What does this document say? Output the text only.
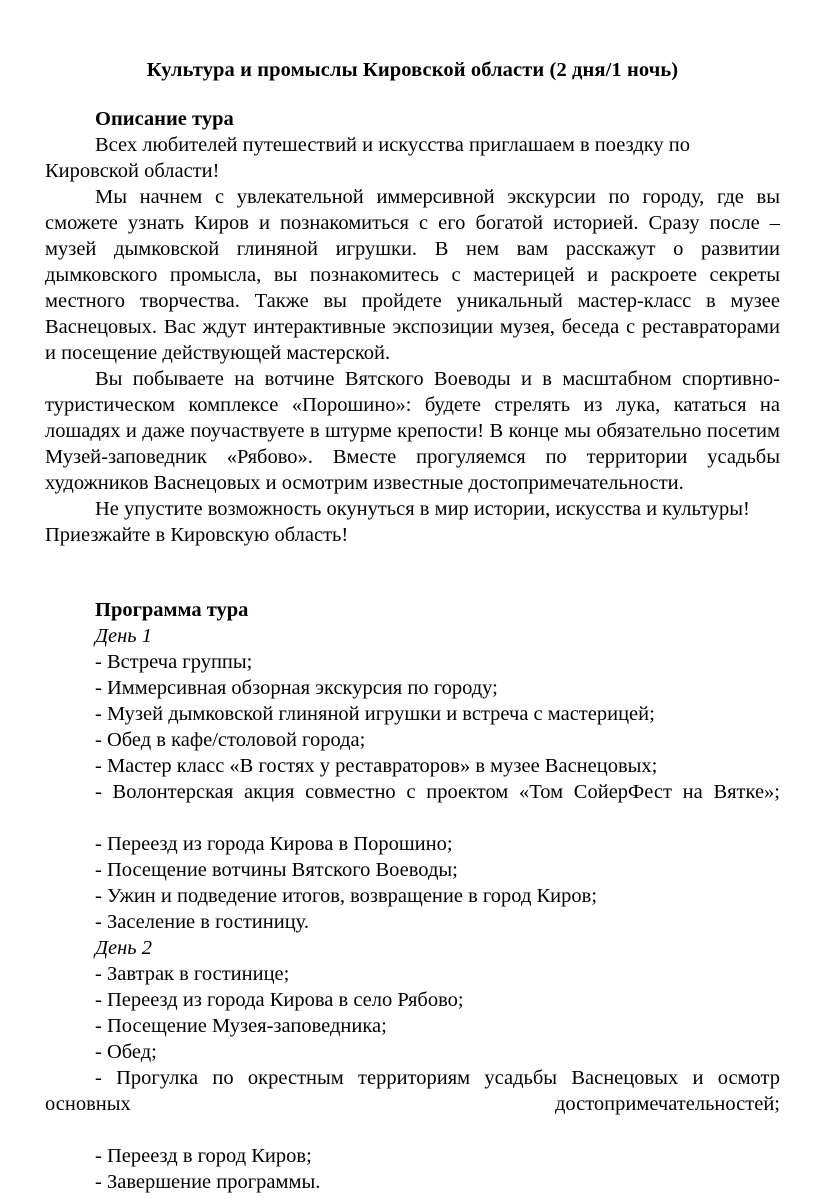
Культура и промыслы Кировской области (2 дня/1 ночь)
Описание тура

Всех любителей путешествий и искусства приглашаем в поездку по Кировской области!

Мы начнем с увлекательной иммерсивной экскурсии по городу, где вы сможете узнать Киров и познакомиться с его богатой историей. Сразу после – музей дымковской глиняной игрушки. В нем вам расскажут о развитии дымковского промысла, вы познакомитесь с мастерицей и раскроете секреты местного творчества. Также вы пройдете уникальный мастер-класс в музее Васнецовых. Вас ждут интерактивные экспозиции музея, беседа с реставраторами и посещение действующей мастерской.

Вы побываете на вотчине Вятского Воеводы и в масштабном спортивно-туристическом комплексе «Порошино»: будете стрелять из лука, кататься на лошадях и даже поучаствуете в штурме крепости! В конце мы обязательно посетим Музей-заповедник «Рябово». Вместе прогуляемся по территории усадьбы художников Васнецовых и осмотрим известные достопримечательности.

Не упустите возможность окунуться в мир истории, искусства и культуры! Приезжайте в Кировскую область!

Программа тура
День 1
- Встреча группы;
- Иммерсивная обзорная экскурсия по городу;
- Музей дымковской глиняной игрушки и встреча с мастерицей;
- Обед в кафе/столовой города;
- Мастер класс «В гостях у реставраторов» в музее Васнецовых;
- Волонтерская акция совместно с проектом «Том СойерФест на Вятке»;
- Переезд из города Кирова в Порошино;
- Посещение вотчины Вятского Воеводы;
- Ужин и подведение итогов, возвращение в город Киров;
- Заселение в гостиницу.
День 2
- Завтрак в гостинице;
- Переезд из города Кирова в село Рябово;
- Посещение Музея-заповедника;
- Обед;
- Прогулка по окрестным территориям усадьбы Васнецовых и осмотр основных достопримечательностей;
- Переезд в город Киров;
- Завершение программы.
